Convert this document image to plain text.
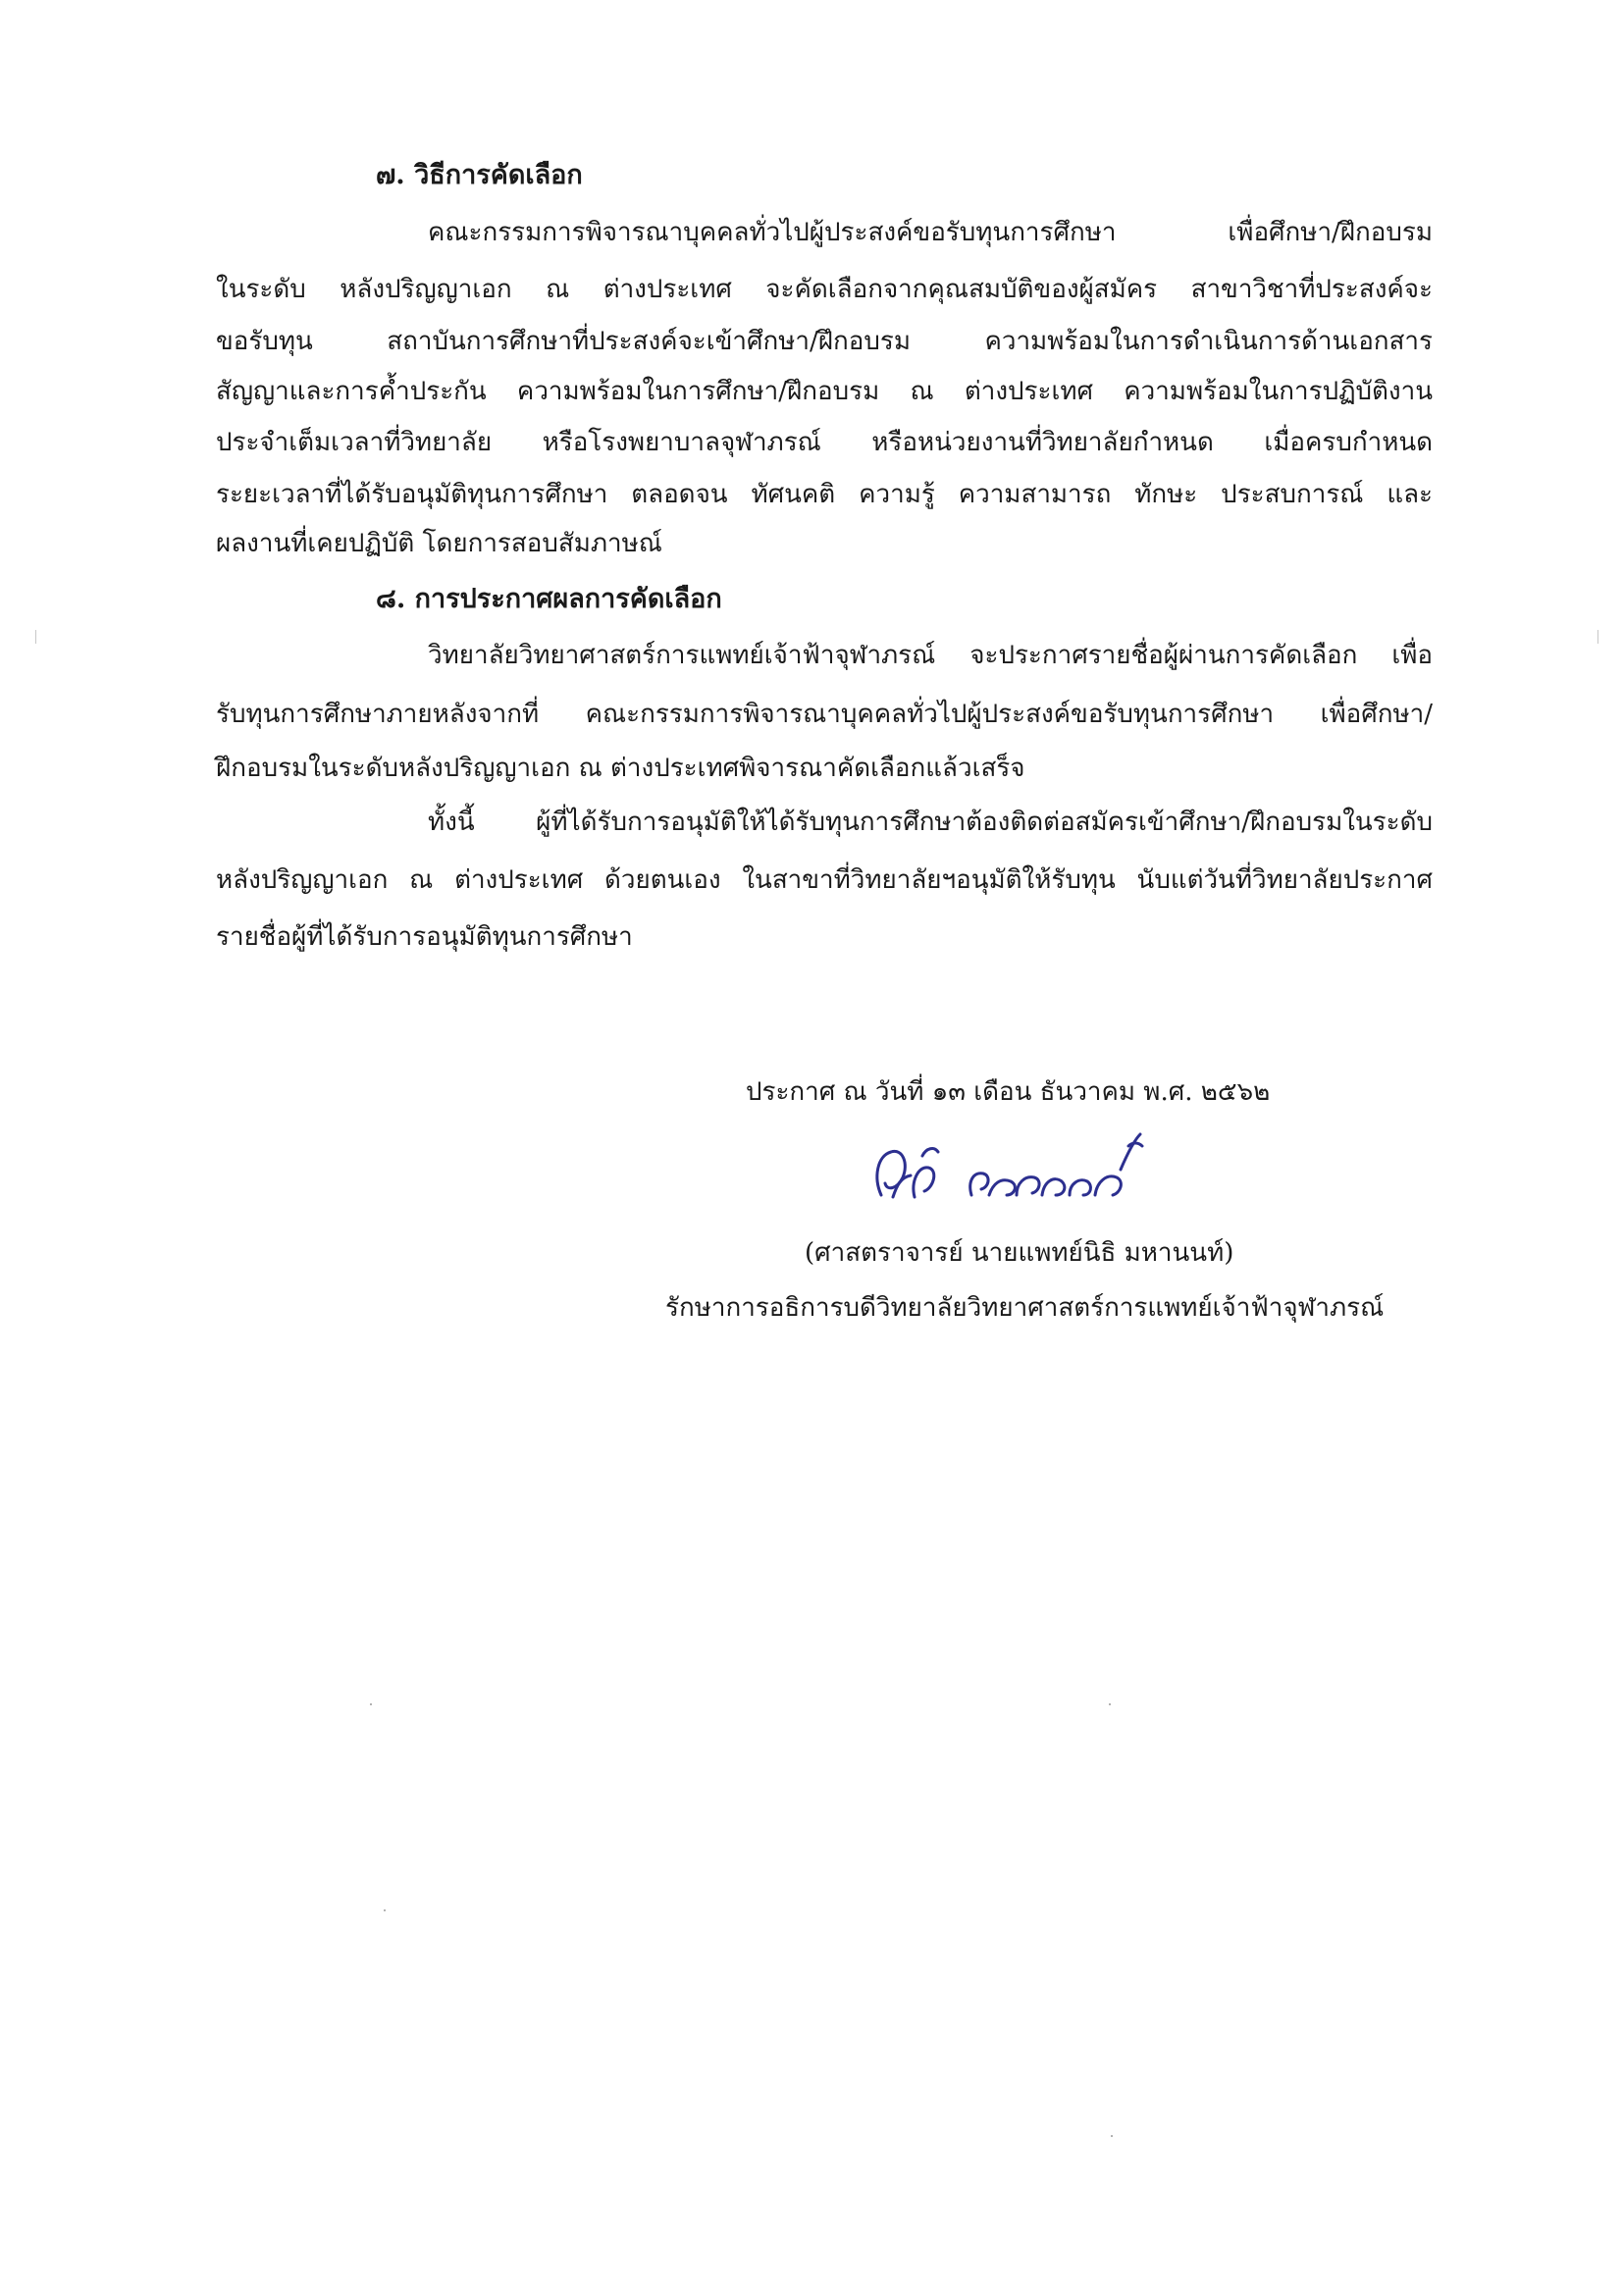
๗. วิธีการคัดเลือก
คณะกรรมการพิจารณาบุคคลทั่วไปผู้ประสงค์ขอรับทุนการศึกษา เพื่อศึกษา/ฝึกอบรม
ในระดับ หลังปริญญาเอก ณ ต่างประเทศ จะคัดเลือกจากคุณสมบัติของผู้สมัคร สาขาวิชาที่ประสงค์จะ
ขอรับทุน สถาบันการศึกษาที่ประสงค์จะเข้าศึกษา/ฝึกอบรม ความพร้อมในการดำเนินการด้านเอกสาร
สัญญาและการค้ำประกัน ความพร้อมในการศึกษา/ฝึกอบรม ณ ต่างประเทศ ความพร้อมในการปฏิบัติงาน
ประจำเต็มเวลาที่วิทยาลัย หรือโรงพยาบาลจุฬาภรณ์ หรือหน่วยงานที่วิทยาลัยกำหนด เมื่อครบกำหนด
ระยะเวลาที่ได้รับอนุมัติทุนการศึกษา ตลอดจน ทัศนคติ ความรู้ ความสามารถ ทักษะ ประสบการณ์ และ
ผลงานที่เคยปฏิบัติ โดยการสอบสัมภาษณ์
๘. การประกาศผลการคัดเลือก
วิทยาลัยวิทยาศาสตร์การแพทย์เจ้าฟ้าจุฬาภรณ์ จะประกาศรายชื่อผู้ผ่านการคัดเลือก เพื่อ
รับทุนการศึกษาภายหลังจากที่ คณะกรรมการพิจารณาบุคคลทั่วไปผู้ประสงค์ขอรับทุนการศึกษา เพื่อศึกษา/
ฝึกอบรมในระดับหลังปริญญาเอก ณ ต่างประเทศพิจารณาคัดเลือกแล้วเสร็จ
ทั้งนี้ ผู้ที่ได้รับการอนุมัติให้ได้รับทุนการศึกษาต้องติดต่อสมัครเข้าศึกษา/ฝึกอบรมในระดับ
หลังปริญญาเอก ณ ต่างประเทศ ด้วยตนเอง ในสาขาที่วิทยาลัยฯอนุมัติให้รับทุน นับแต่วันที่วิทยาลัยประกาศ
รายชื่อผู้ที่ได้รับการอนุมัติทุนการศึกษา
ประกาศ ณ วันที่ ๑๓ เดือน ธันวาคม พ.ศ. ๒๕๖๒
(ศาสตราจารย์ นายแพทย์นิธิ มหานนท์)
รักษาการอธิการบดีวิทยาลัยวิทยาศาสตร์การแพทย์เจ้าฟ้าจุฬาภรณ์
